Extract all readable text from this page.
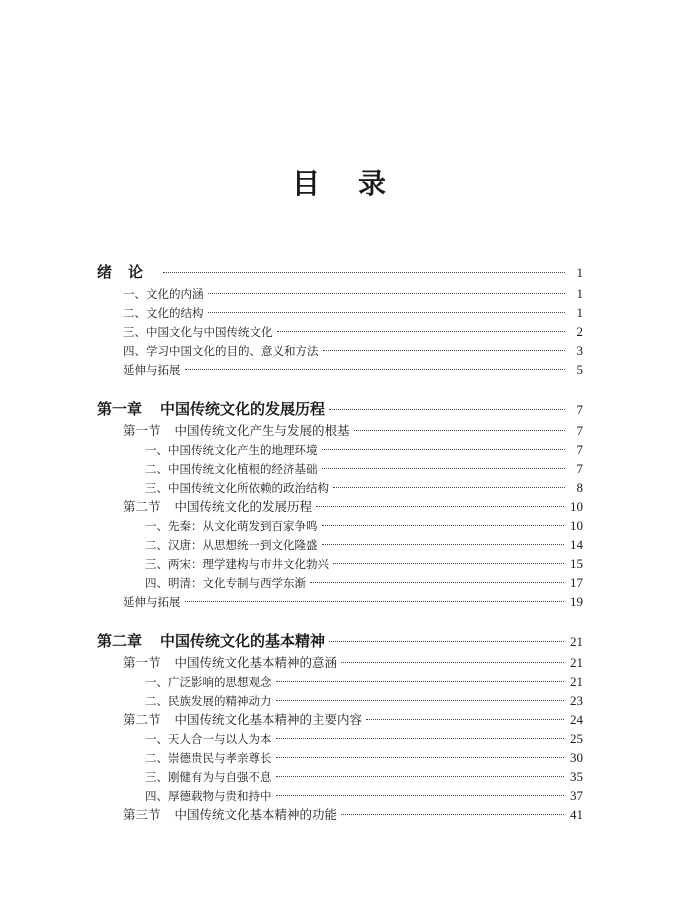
目录
绪论	1
一、文化的内涵	1
二、文化的结构	1
三、中国文化与中国传统文化	2
四、学习中国文化的目的、意义和方法	3
延伸与拓展	5
第一章 中国传统文化的发展历程	7
第一节 中国传统文化产生与发展的根基	7
一、中国传统文化产生的地理环境	7
二、中国传统文化植根的经济基础	7
三、中国传统文化所依赖的政治结构	8
第二节 中国传统文化的发展历程	10
一、先秦：从文化萌发到百家争鸣	10
二、汉唐：从思想统一到文化隆盛	14
三、两宋：理学建构与市井文化勃兴	15
四、明清：文化专制与西学东渐	17
延伸与拓展	19
第二章 中国传统文化的基本精神	21
第一节 中国传统文化基本精神的意涵	21
一、广泛影响的思想观念	21
二、民族发展的精神动力	23
第二节 中国传统文化基本精神的主要内容	24
一、天人合一与以人为本	25
二、崇德贵民与孝亲尊长	30
三、刚健有为与自强不息	35
四、厚德载物与贵和持中	37
第三节 中国传统文化基本精神的功能	41
